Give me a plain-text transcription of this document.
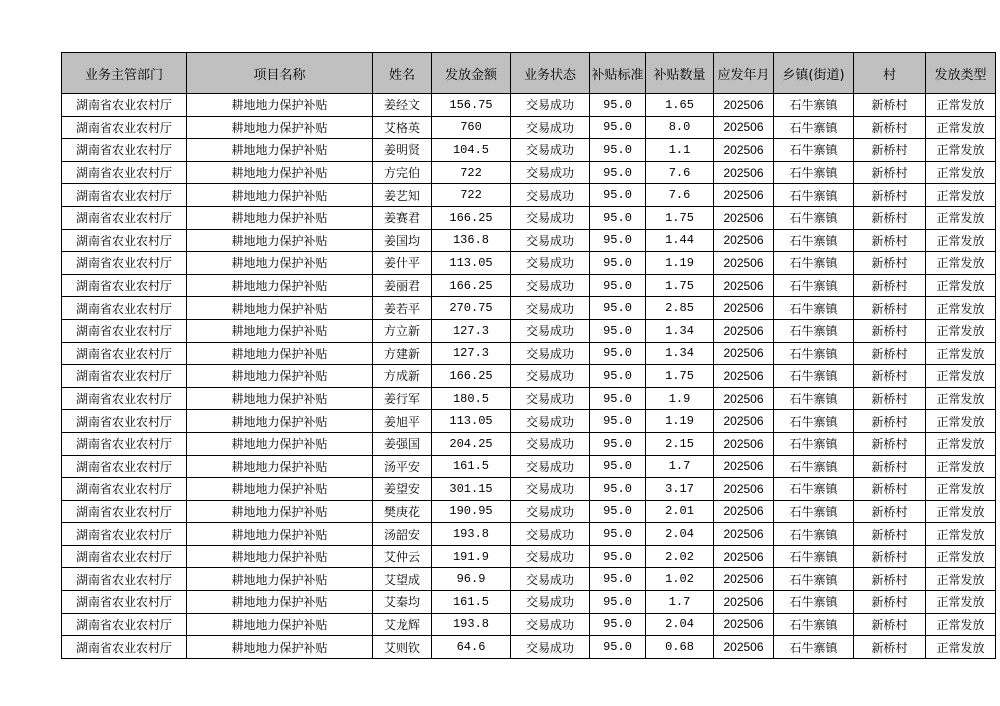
业务主管部门	项目名称	姓名	发放金额	业务状态	补贴标准	补贴数量	应发年月	乡镇(街道)	村	发放类型
湖南省农业农村厅	耕地地力保护补贴	姜经文	156.75	交易成功	95.0	1.65	202506	石牛寨镇	新桥村	正常发放
湖南省农业农村厅	耕地地力保护补贴	艾格英	760	交易成功	95.0	8.0	202506	石牛寨镇	新桥村	正常发放
湖南省农业农村厅	耕地地力保护补贴	姜明贤	104.5	交易成功	95.0	1.1	202506	石牛寨镇	新桥村	正常发放
湖南省农业农村厅	耕地地力保护补贴	方完伯	722	交易成功	95.0	7.6	202506	石牛寨镇	新桥村	正常发放
湖南省农业农村厅	耕地地力保护补贴	姜艺知	722	交易成功	95.0	7.6	202506	石牛寨镇	新桥村	正常发放
湖南省农业农村厅	耕地地力保护补贴	姜赛君	166.25	交易成功	95.0	1.75	202506	石牛寨镇	新桥村	正常发放
湖南省农业农村厅	耕地地力保护补贴	姜国均	136.8	交易成功	95.0	1.44	202506	石牛寨镇	新桥村	正常发放
湖南省农业农村厅	耕地地力保护补贴	姜什平	113.05	交易成功	95.0	1.19	202506	石牛寨镇	新桥村	正常发放
湖南省农业农村厅	耕地地力保护补贴	姜丽君	166.25	交易成功	95.0	1.75	202506	石牛寨镇	新桥村	正常发放
湖南省农业农村厅	耕地地力保护补贴	姜若平	270.75	交易成功	95.0	2.85	202506	石牛寨镇	新桥村	正常发放
湖南省农业农村厅	耕地地力保护补贴	方立新	127.3	交易成功	95.0	1.34	202506	石牛寨镇	新桥村	正常发放
湖南省农业农村厅	耕地地力保护补贴	方建新	127.3	交易成功	95.0	1.34	202506	石牛寨镇	新桥村	正常发放
湖南省农业农村厅	耕地地力保护补贴	方成新	166.25	交易成功	95.0	1.75	202506	石牛寨镇	新桥村	正常发放
湖南省农业农村厅	耕地地力保护补贴	姜行军	180.5	交易成功	95.0	1.9	202506	石牛寨镇	新桥村	正常发放
湖南省农业农村厅	耕地地力保护补贴	姜旭平	113.05	交易成功	95.0	1.19	202506	石牛寨镇	新桥村	正常发放
湖南省农业农村厅	耕地地力保护补贴	姜强国	204.25	交易成功	95.0	2.15	202506	石牛寨镇	新桥村	正常发放
湖南省农业农村厅	耕地地力保护补贴	汤平安	161.5	交易成功	95.0	1.7	202506	石牛寨镇	新桥村	正常发放
湖南省农业农村厅	耕地地力保护补贴	姜望安	301.15	交易成功	95.0	3.17	202506	石牛寨镇	新桥村	正常发放
湖南省农业农村厅	耕地地力保护补贴	樊庚花	190.95	交易成功	95.0	2.01	202506	石牛寨镇	新桥村	正常发放
湖南省农业农村厅	耕地地力保护补贴	汤韶安	193.8	交易成功	95.0	2.04	202506	石牛寨镇	新桥村	正常发放
湖南省农业农村厅	耕地地力保护补贴	艾仲云	191.9	交易成功	95.0	2.02	202506	石牛寨镇	新桥村	正常发放
湖南省农业农村厅	耕地地力保护补贴	艾望成	96.9	交易成功	95.0	1.02	202506	石牛寨镇	新桥村	正常发放
湖南省农业农村厅	耕地地力保护补贴	艾秦均	161.5	交易成功	95.0	1.7	202506	石牛寨镇	新桥村	正常发放
湖南省农业农村厅	耕地地力保护补贴	艾龙辉	193.8	交易成功	95.0	2.04	202506	石牛寨镇	新桥村	正常发放
湖南省农业农村厅	耕地地力保护补贴	艾则钦	64.6	交易成功	95.0	0.68	202506	石牛寨镇	新桥村	正常发放
